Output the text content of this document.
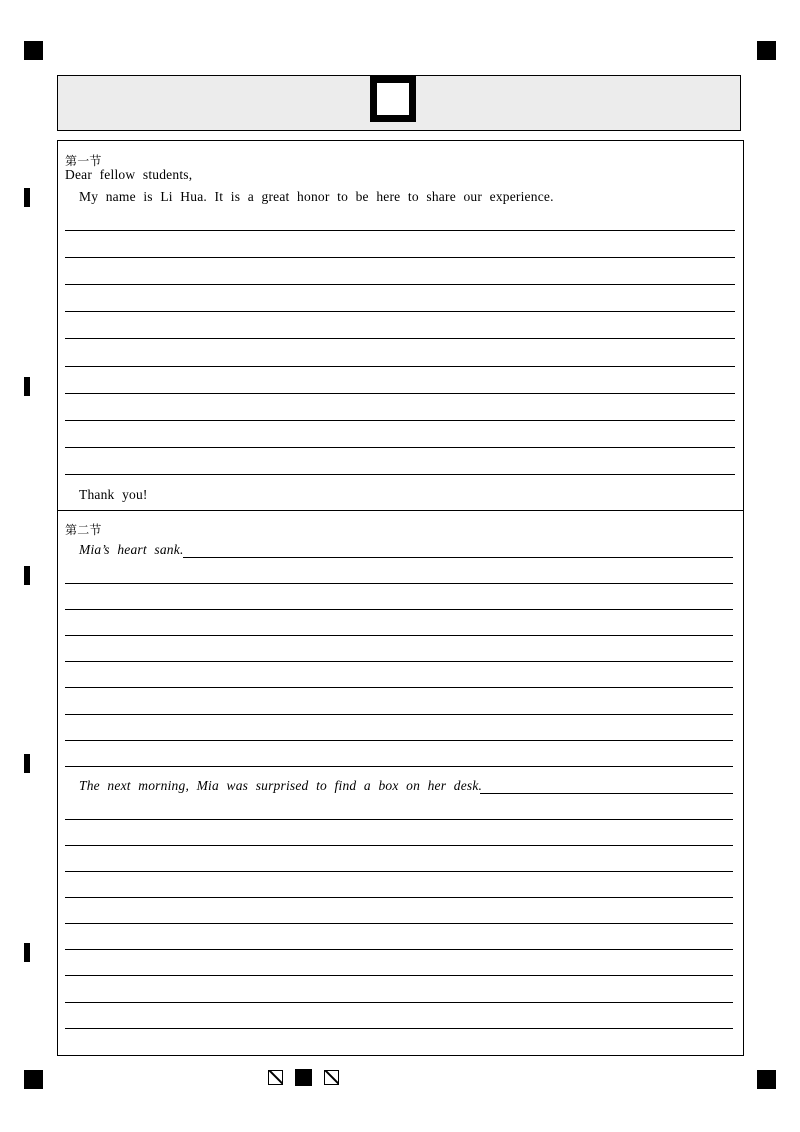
第一节
Dear fellow students,
My name is Li Hua. It is a great honor to be here to share our experience.
Thank you!
第二节
Mia’s heart sank.
The next morning, Mia was surprised to find a box on her desk.
